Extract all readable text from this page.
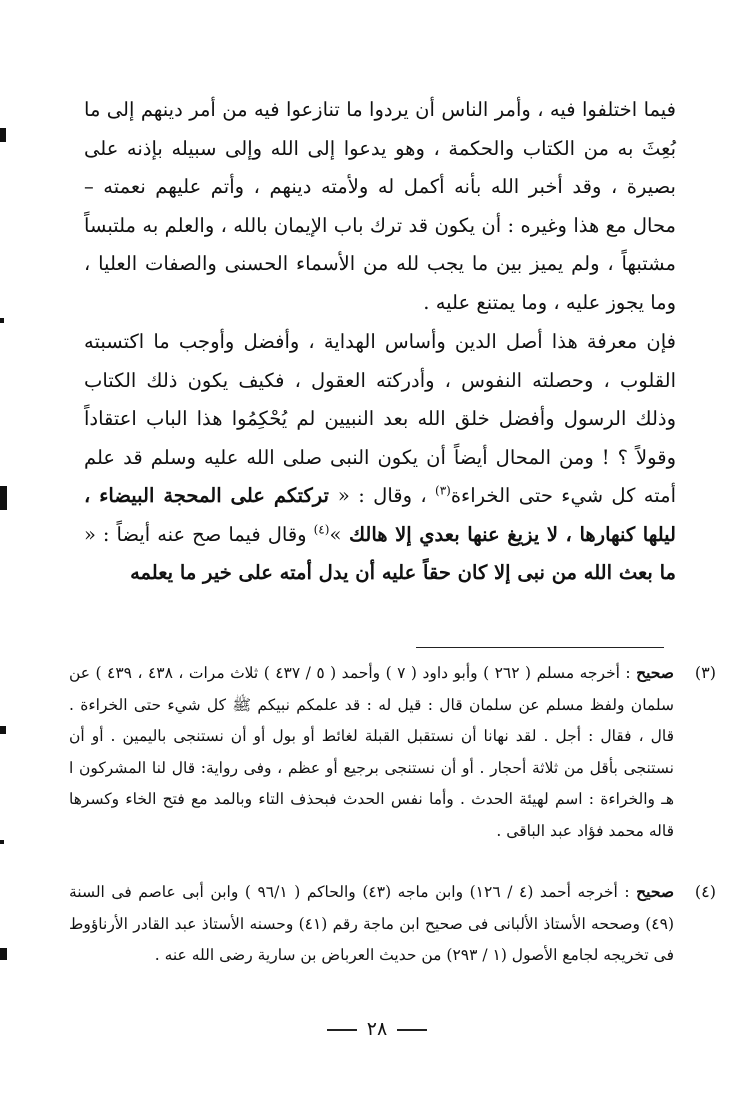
فيما اختلفوا فيه ، وأمر الناس أن يردوا ما تنازعوا فيه من أمر دينهم إلى ما بُعِثَ به من الكتاب والحكمة ، وهو يدعوا إلى الله وإلى سبيله بإذنه على بصيرة ، وقد أخبر الله بأنه أكمل له ولأمته دينهم ، وأتم عليهم نعمته – محال مع هذا وغيره : أن يكون قد ترك باب الإيمان بالله ، والعلم به ملتبساً مشتبهاً ، ولم يميز بين ما يجب لله من الأسماء الحسنى والصفات العليا ، وما يجوز عليه ، وما يمتنع عليه .

فإن معرفة هذا أصل الدين وأساس الهداية ، وأفضل وأوجب ما اكتسبته القلوب ، وحصلته النفوس ، وأدركته العقول ، فكيف يكون ذلك الكتاب وذلك الرسول وأفضل خلق الله بعد النبيين لم يُحْكِمُوا هذا الباب اعتقاداً وقولاً ؟ ! ومن المحال أيضاً أن يكون النبى صلى الله عليه وسلم قد علم أمته كل شيء حتى الخراءة$^{(٣)}$ ، وقال : « تركتكم على المحجة البيضاء ، ليلها كنهارها ، لا يزيغ عنها بعدي إلا هالك »$^{(٤)}$ وقال فيما صح عنه أيضاً : « ما بعث الله من نبى إلا كان حقاً عليه أن يدل أمته على خير ما يعلمه

(٣)
صحيح : أخرجه مسلم ( ٢٦٢ ) وأبو داود ( ٧ ) وأحمد ( ٥ / ٤٣٧ ) ثلاث مرات ، ٤٣٨ ، ٤٣٩ ) عن سلمان ولفظ مسلم عن سلمان قال : قيل له : قد علمكم نبيكم ﷺ كل شيء حتى الخراءة . قال ، فقال : أجل . لقد نهانا أن نستقبل القبلة لغائط أو بول أو أن نستنجى باليمين . أو أن نستنجى بأقل من ثلاثة أحجار . أو أن نستنجى برجيع أو عظم ، وفى رواية: قال لنا المشركون ا هـ والخراءة : اسم لهيئة الحدث . وأما نفس الحدث فبحذف التاء وبالمد مع فتح الخاء وكسرها قاله محمد فؤاد عبد الباقى .
(٤)
صحيح : أخرجه أحمد (٤ / ١٢٦) وابن ماجه (٤٣) والحاكم ( ٩٦/١ ) وابن أبى عاصم فى السنة (٤٩) وصححه الأستاذ الألبانى فى صحيح ابن ماجة رقم (٤١) وحسنه الأستاذ عبد القادر الأرناؤوط فى تخريجه لجامع الأصول (١ / ٢٩٣) من حديث العرباض بن سارية رضى الله عنه .
٢٨
